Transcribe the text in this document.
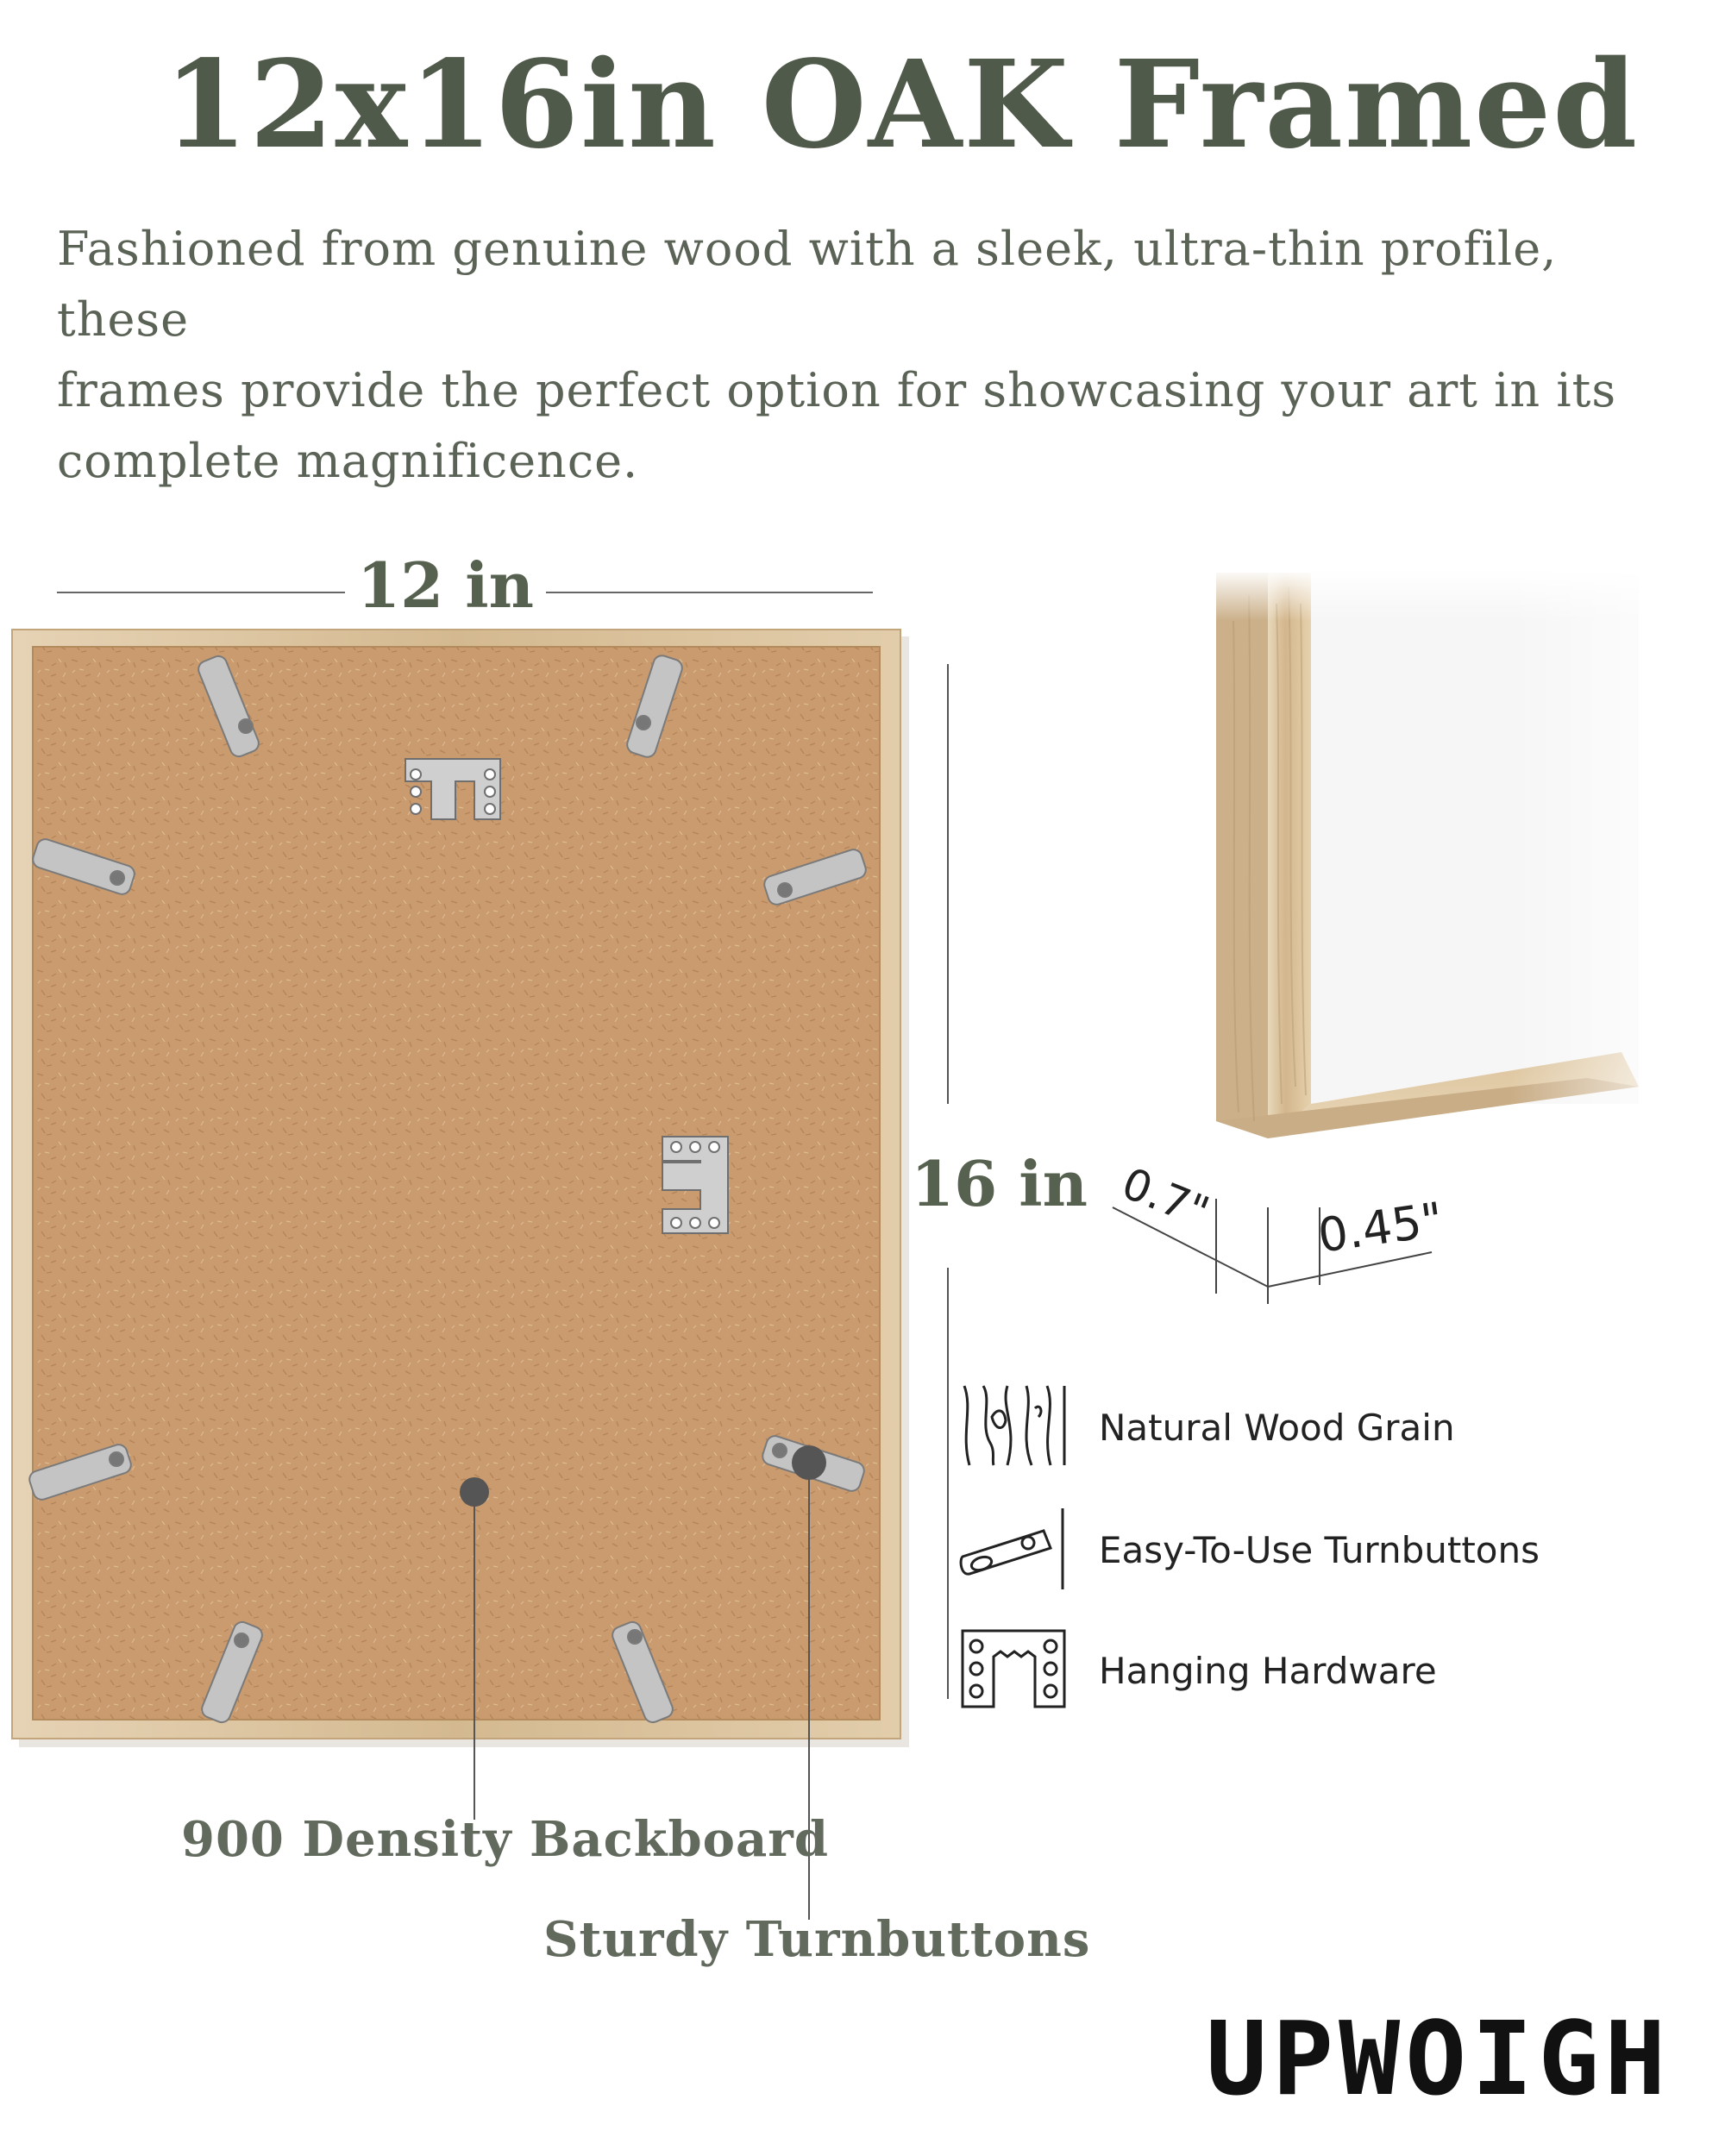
12x16in OAK Framed
Fashioned from genuine wood with a sleek, ultra-thin profile, these
frames provide the perfect option for showcasing your art in its
complete magnificence.
12 in
900 Density Backboard
Sturdy Turnbuttons
16 in 0.7" 0.45"
Natural Wood Grain
Easy-To-Use Turnbuttons
Hanging Hardware
UPWOIGH
